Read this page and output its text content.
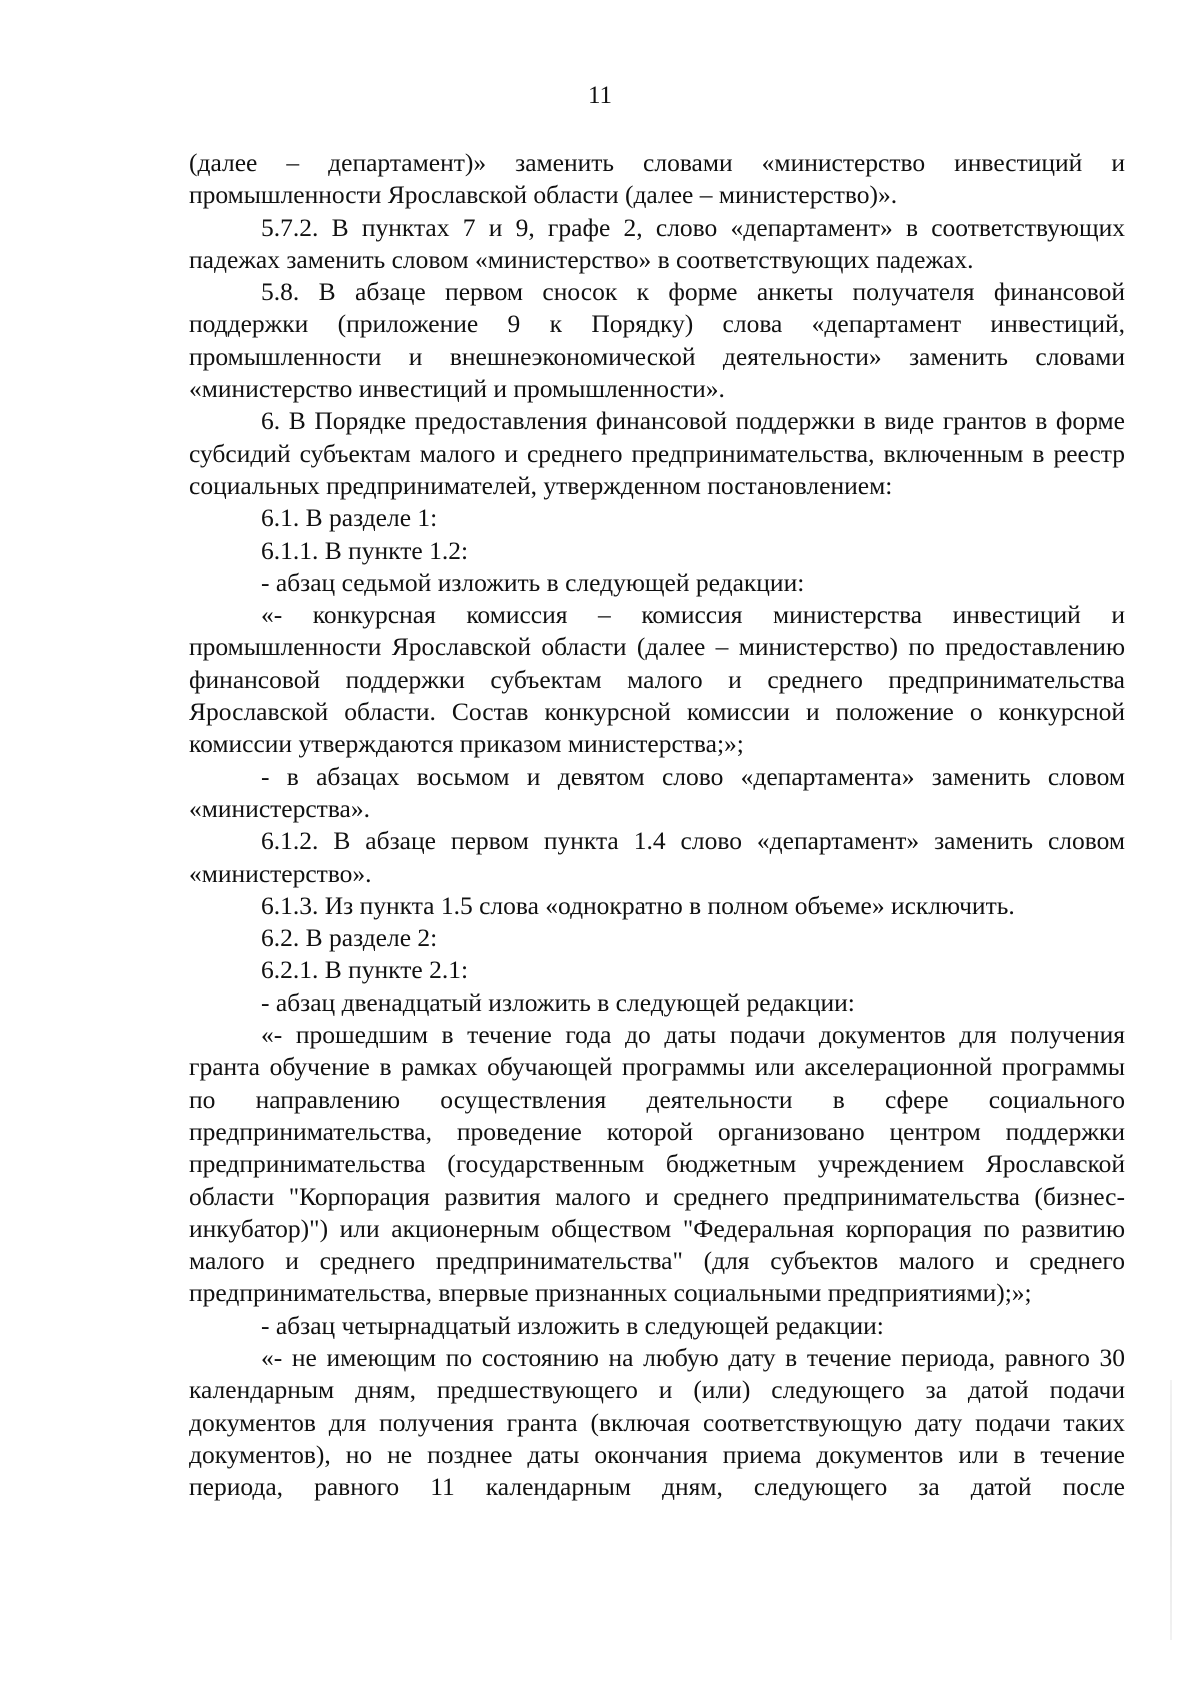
11

(далее – департамент)» заменить словами «министерство инвестиций и промышленности Ярославской области (далее – министерство)».

5.7.2. В пунктах 7 и 9, графе 2, слово «департамент» в соответствующих падежах заменить словом «министерство» в соответствующих падежах.

5.8. В абзаце первом сносок к форме анкеты получателя финансовой поддержки (приложение 9 к Порядку) слова «департамент инвестиций, промышленности и внешнеэкономической деятельности» заменить словами «министерство инвестиций и промышленности».

6. В Порядке предоставления финансовой поддержки в виде грантов в форме субсидий субъектам малого и среднего предпринимательства, включенным в реестр социальных предпринимателей, утвержденном постановлением:

6.1. В разделе 1:

6.1.1. В пункте 1.2:

- абзац седьмой изложить в следующей редакции:

«- конкурсная комиссия – комиссия министерства инвестиций и промышленности Ярославской области (далее – министерство) по предоставлению финансовой поддержки субъектам малого и среднего предпринимательства Ярославской области. Состав конкурсной комиссии и положение о конкурсной комиссии утверждаются приказом министерства;»;

- в абзацах восьмом и девятом слово «департамента» заменить словом «министерства».

6.1.2. В абзаце первом пункта 1.4 слово «департамент» заменить словом «министерство».

6.1.3. Из пункта 1.5 слова «однократно в полном объеме» исключить.

6.2. В разделе 2:

6.2.1. В пункте 2.1:

- абзац двенадцатый изложить в следующей редакции:

«- прошедшим в течение года до даты подачи документов для получения гранта обучение в рамках обучающей программы или акселерационной программы по направлению осуществления деятельности в сфере социального предпринимательства, проведение которой организовано центром поддержки предпринимательства (государственным бюджетным учреждением Ярославской области "Корпорация развития малого и среднего предпринимательства (бизнес-инкубатор)") или акционерным обществом "Федеральная корпорация по развитию малого и среднего предпринимательства" (для субъектов малого и среднего предпринимательства, впервые признанных социальными предприятиями);»;

- абзац четырнадцатый изложить в следующей редакции:

«- не имеющим по состоянию на любую дату в течение периода, равного 30 календарным дням, предшествующего и (или) следующего за датой подачи документов для получения гранта (включая соответствующую дату подачи таких документов), но не позднее даты окончания приема документов или в течение периода, равного 11 календарным дням, следующего за датой после
